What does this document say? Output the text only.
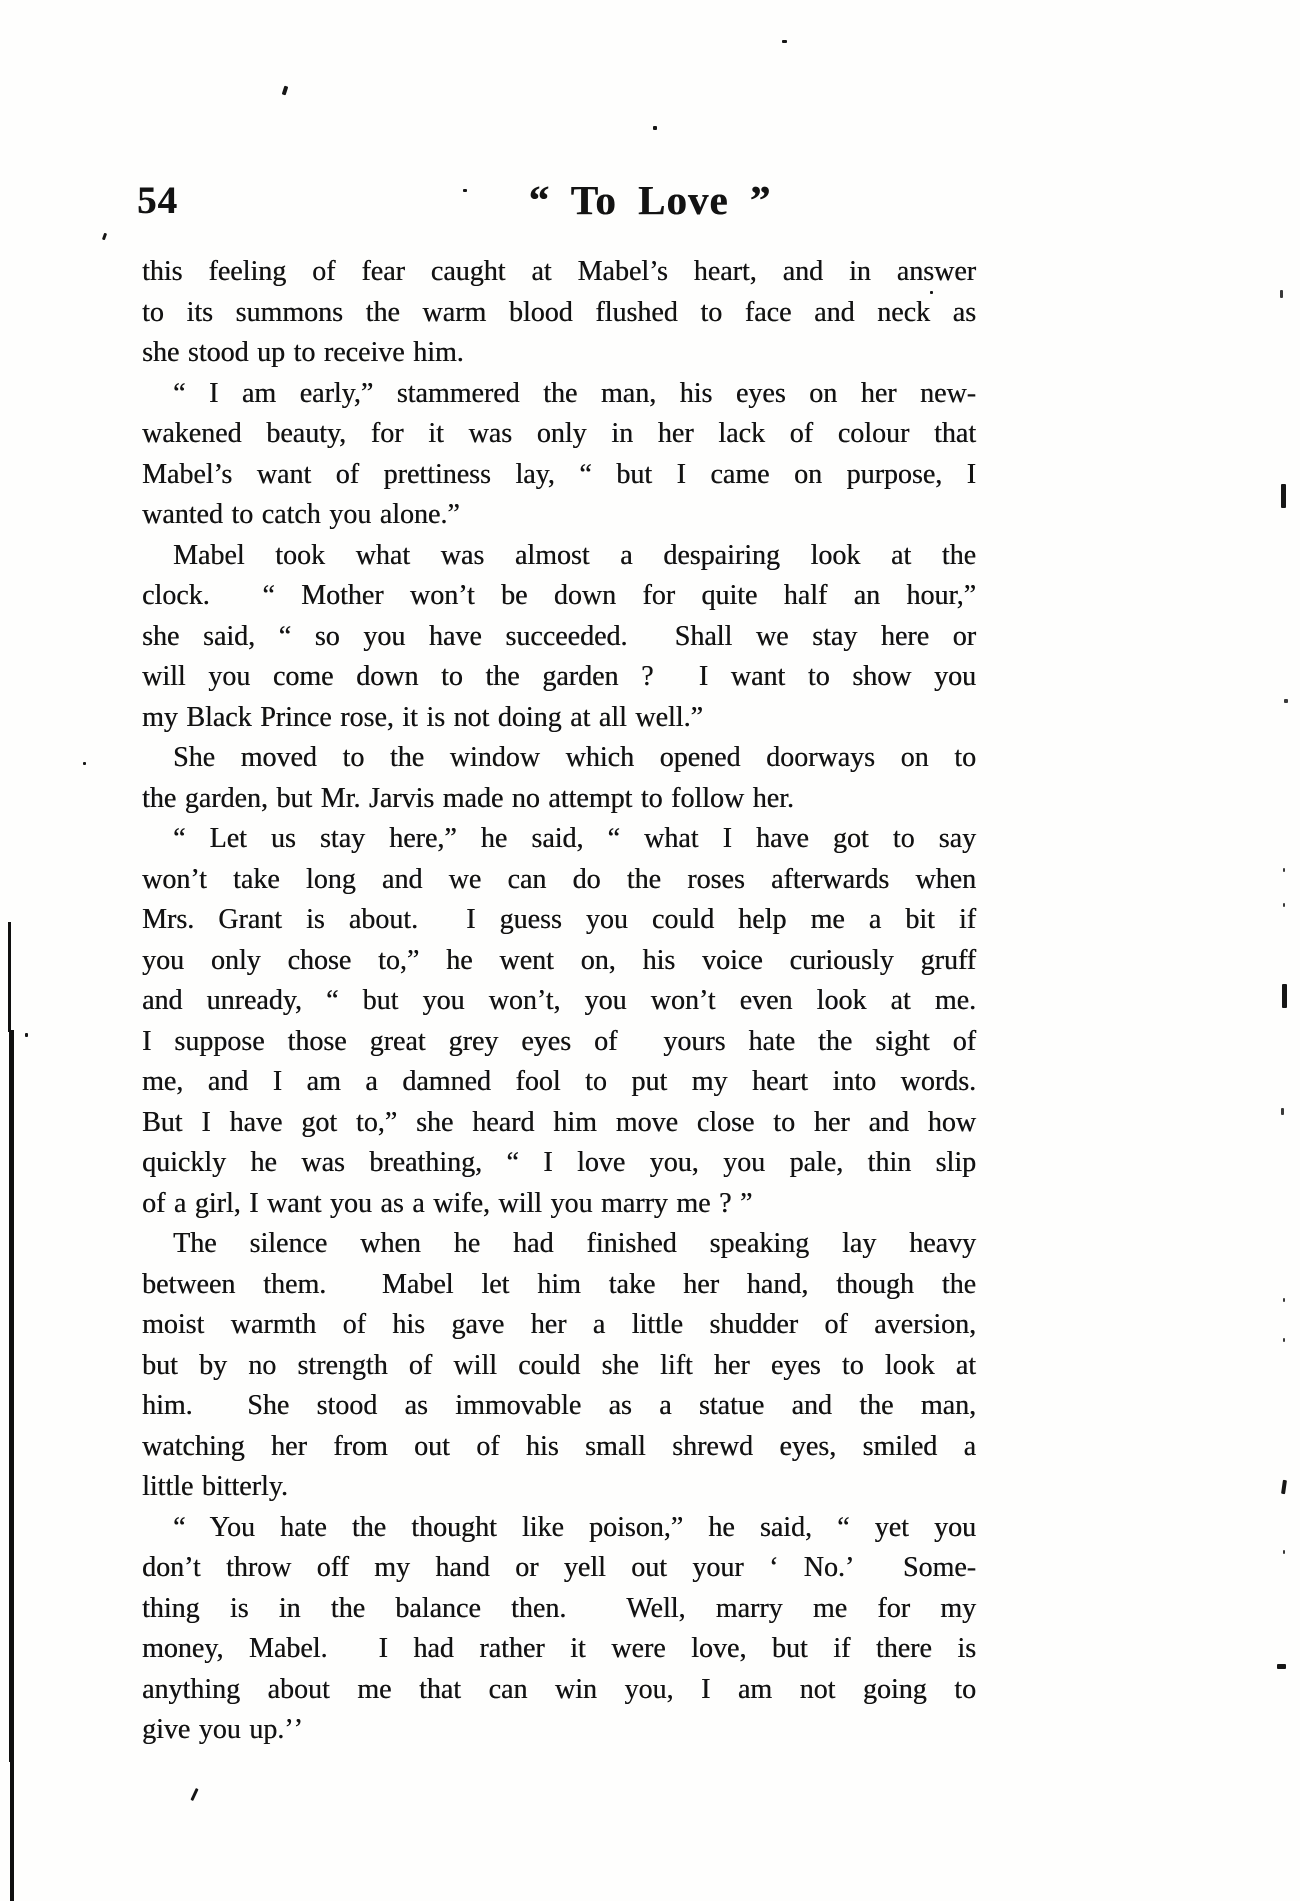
54	“ To Love ”
this feeling of fear caught at Mabel’s heart, and in answer
to its summons the warm blood flushed to face and neck as
she stood up to receive him.
“ I am early,” stammered the man, his eyes on her new-
wakened beauty, for it was only in her lack of colour that
Mabel’s want of prettiness lay, “ but I came on purpose, I
wanted to catch you alone.”
Mabel took what was almost a despairing look at the
clock.  “ Mother won’t be down for quite half an hour,”
she said, “ so you have succeeded.  Shall we stay here or
will you come down to the garden ?  I want to show you
my Black Prince rose, it is not doing at all well.”
She moved to the window which opened doorways on to
the garden, but Mr. Jarvis made no attempt to follow her.
“ Let us stay here,” he said, “ what I have got to say
won’t take long and we can do the roses afterwards when
Mrs. Grant is about.  I guess you could help me a bit if
you only chose to,” he went on, his voice curiously gruff
and unready, “ but you won’t, you won’t even look at me.
I suppose those great grey eyes of  yours hate the sight of
me, and I am a damned fool to put my heart into words.
But I have got to,” she heard him move close to her and how
quickly he was breathing, “ I love you, you pale, thin slip
of a girl, I want you as a wife, will you marry me ? ”
The silence when he had finished speaking lay heavy
between them.  Mabel let him take her hand, though the
moist warmth of his gave her a little shudder of aversion,
but by no strength of will could she lift her eyes to look at
him.  She stood as immovable as a statue and the man,
watching her from out of his small shrewd eyes, smiled a
little bitterly.
“ You hate the thought like poison,” he said, “ yet you
don’t throw off my hand or yell out your ‘ No.’  Some-
thing is in the balance then.  Well, marry me for my
money, Mabel.  I had rather it were love, but if there is
anything about me that can win you, I am not going to
give you up.’ʼ
